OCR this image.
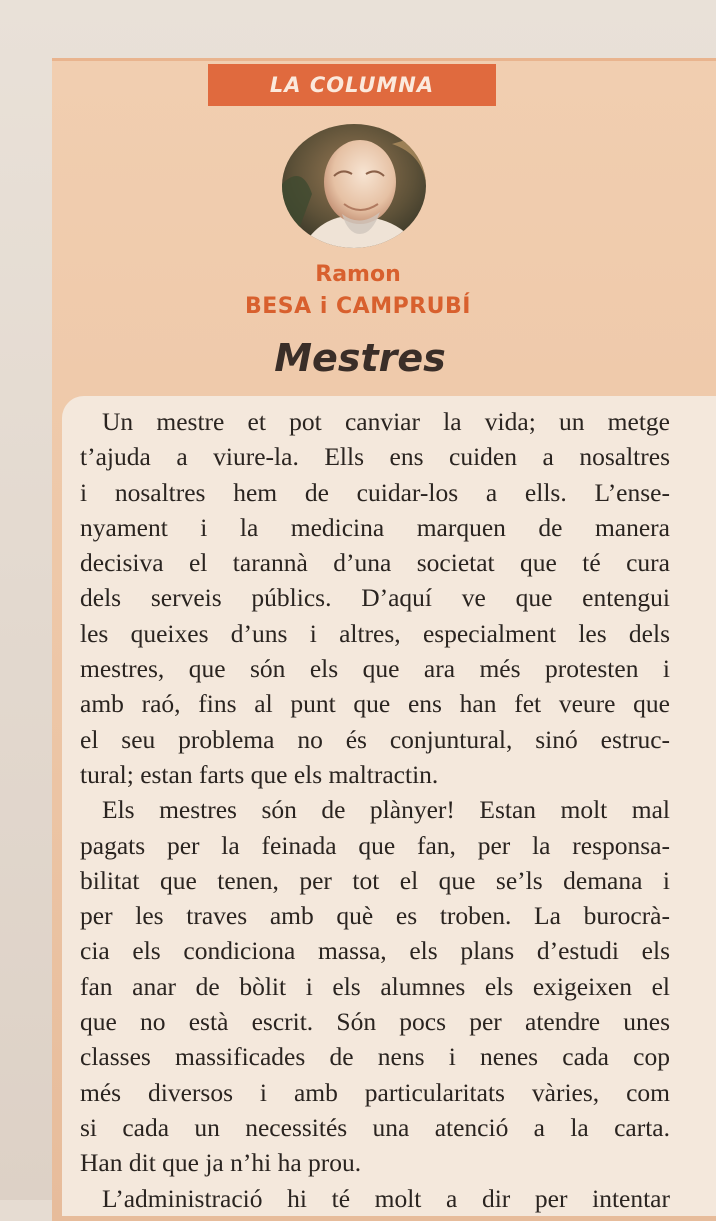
LA COLUMNA
Ramon
BESA i CAMPRUBÍ
Mestres
Un mestre et pot canviar la vida; un metge
t’ajuda a viure-la. Ells ens cuiden a nosaltres
i nosaltres hem de cuidar-los a ells. L’ense-
nyament i la medicina marquen de manera
decisiva el tarannà d’una societat que té cura
dels serveis públics. D’aquí ve que entengui
les queixes d’uns i altres, especialment les dels
mestres, que són els que ara més protesten i
amb raó, fins al punt que ens han fet veure que
el seu problema no és conjuntural, sinó estruc-
tural; estan farts que els maltractin.
Els mestres són de plànyer! Estan molt mal
pagats per la feinada que fan, per la responsa-
bilitat que tenen, per tot el que se’ls demana i
per les traves amb què es troben. La burocrà-
cia els condiciona massa, els plans d’estudi els
fan anar de bòlit i els alumnes els exigeixen el
que no està escrit. Són pocs per atendre unes
classes massificades de nens i nenes cada cop
més diversos i amb particularitats vàries, com
si cada un necessités una atenció a la carta.
Han dit que ja n’hi ha prou.
L’administració hi té molt a dir per intentar
